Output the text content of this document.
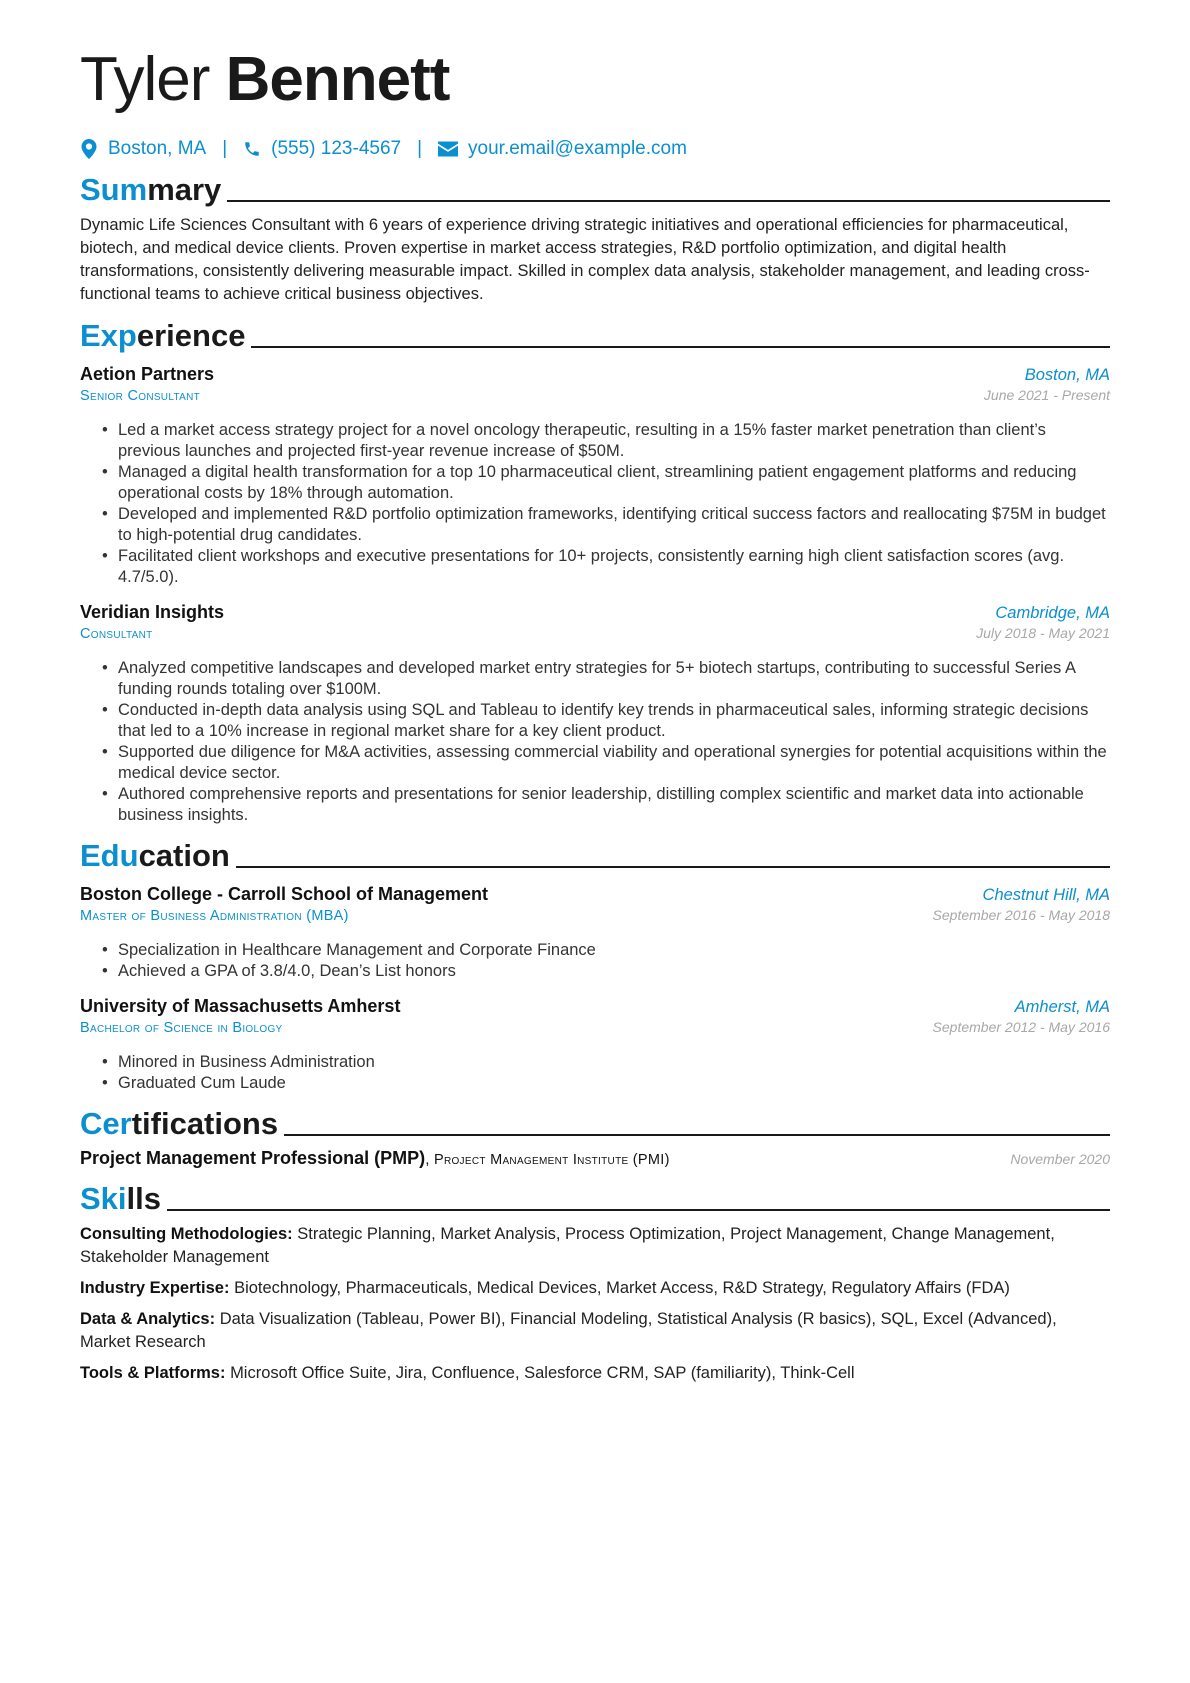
Tyler Bennett
Boston, MA | (555) 123-4567 | your.email@example.com
Summary

Dynamic Life Sciences Consultant with 6 years of experience driving strategic initiatives and operational efficiencies for pharmaceutical, biotech, and medical device clients. Proven expertise in market access strategies, R&D portfolio optimization, and digital health transformations, consistently delivering measurable impact. Skilled in complex data analysis, stakeholder management, and leading cross-functional teams to achieve critical business objectives.

Experience
Aetion Partners	Boston, MA
Senior Consultant	June 2021 - Present
• Led a market access strategy project for a novel oncology therapeutic, resulting in a 15% faster market penetration than client’s previous launches and projected first-year revenue increase of $50M.
• Managed a digital health transformation for a top 10 pharmaceutical client, streamlining patient engagement platforms and reducing operational costs by 18% through automation.
• Developed and implemented R&D portfolio optimization frameworks, identifying critical success factors and reallocating $75M in budget to high-potential drug candidates.
• Facilitated client workshops and executive presentations for 10+ projects, consistently earning high client satisfaction scores (avg. 4.7/5.0).
Veridian Insights	Cambridge, MA
Consultant	July 2018 - May 2021
• Analyzed competitive landscapes and developed market entry strategies for 5+ biotech startups, contributing to successful Series A funding rounds totaling over $100M.
• Conducted in-depth data analysis using SQL and Tableau to identify key trends in pharmaceutical sales, informing strategic decisions that led to a 10% increase in regional market share for a key client product.
• Supported due diligence for M&A activities, assessing commercial viability and operational synergies for potential acquisitions within the medical device sector.
• Authored comprehensive reports and presentations for senior leadership, distilling complex scientific and market data into actionable business insights.
Education
Boston College - Carroll School of Management	Chestnut Hill, MA
Master of Business Administration (MBA)	September 2016 - May 2018
• Specialization in Healthcare Management and Corporate Finance
• Achieved a GPA of 3.8/4.0, Dean’s List honors
University of Massachusetts Amherst	Amherst, MA
Bachelor of Science in Biology	September 2012 - May 2016
• Minored in Business Administration
• Graduated Cum Laude
Certifications
Project Management Professional (PMP), Project Management Institute (PMI)	November 2020
Skills

Consulting Methodologies: Strategic Planning, Market Analysis, Process Optimization, Project Management, Change Management, Stakeholder Management

Industry Expertise: Biotechnology, Pharmaceuticals, Medical Devices, Market Access, R&D Strategy, Regulatory Affairs (FDA)

Data & Analytics: Data Visualization (Tableau, Power BI), Financial Modeling, Statistical Analysis (R basics), SQL, Excel (Advanced), Market Research

Tools & Platforms: Microsoft Office Suite, Jira, Confluence, Salesforce CRM, SAP (familiarity), Think-Cell
